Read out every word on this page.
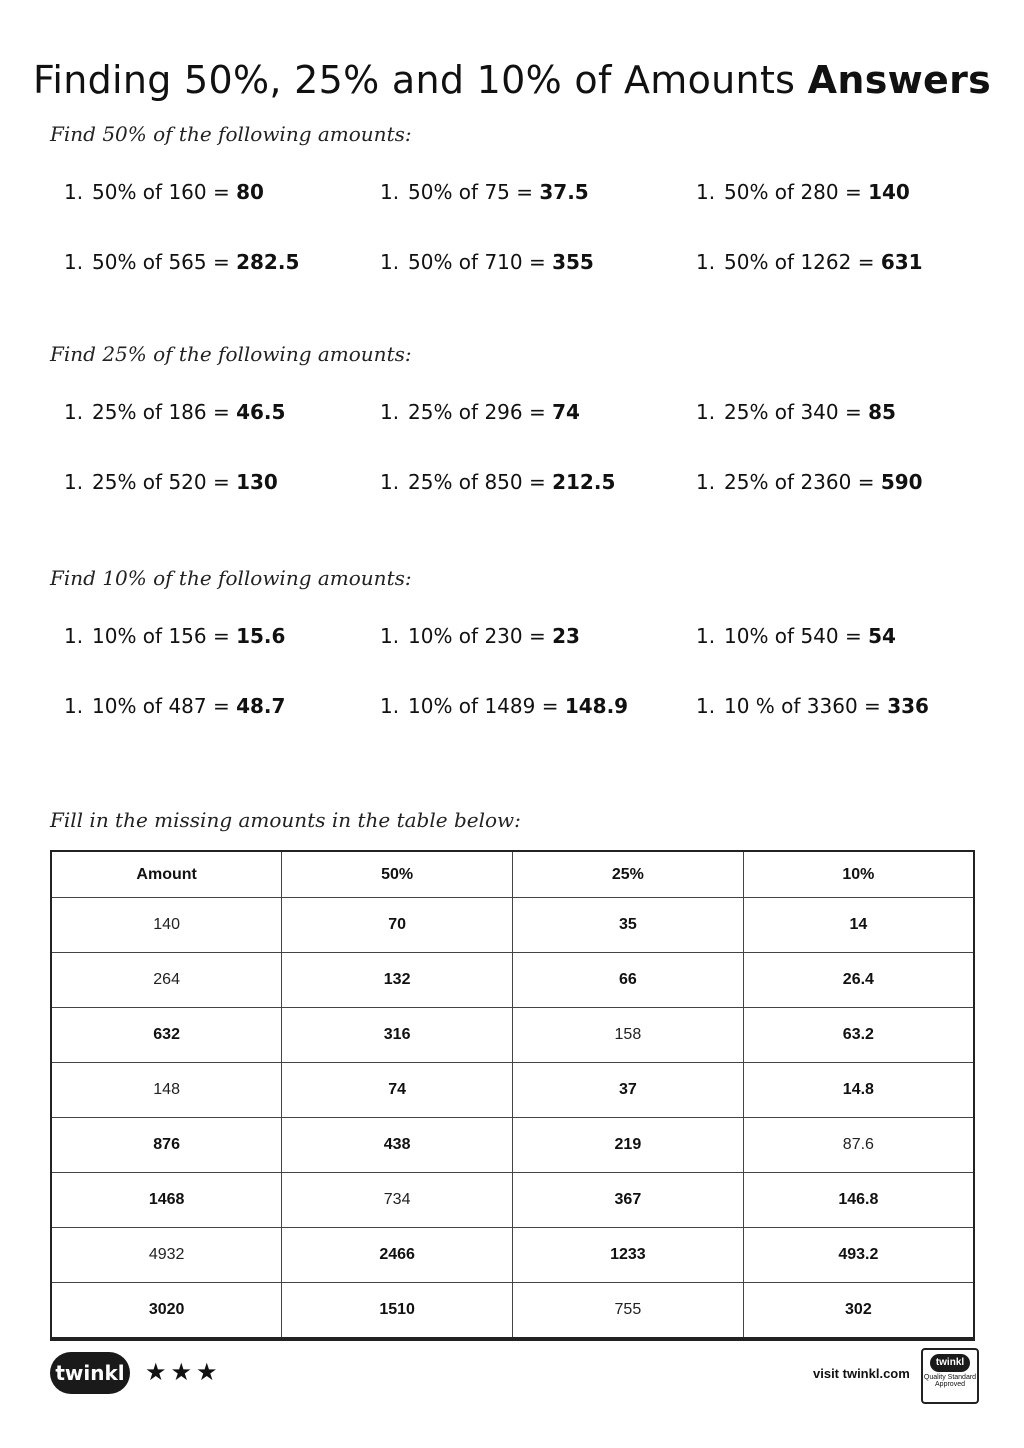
Finding 50%, 25% and 10% of Amounts Answers
Find 50% of the following amounts:
1. 50% of 160 = 80	1. 50% of 75 = 37.5	1. 50% of 280 = 140
1. 50% of 565 = 282.5	1. 50% of 710 = 355	1. 50% of 1262 = 631
Find 25% of the following amounts:
1. 25% of 186 = 46.5	1. 25% of 296 = 74	1. 25% of 340 = 85
1. 25% of 520 = 130	1. 25% of 850 = 212.5	1. 25% of 2360 = 590
Find 10% of the following amounts:
1. 10% of 156 = 15.6	1. 10% of 230 = 23	1. 10% of 540 = 54
1. 10% of 487 = 48.7	1. 10% of 1489 = 148.9	1. 10 % of 3360 = 336
Fill in the missing amounts in the table below:
Amount	50%	25%	10%
140	70	35	14
264	132	66	26.4
632	316	158	63.2
148	74	37	14.8
876	438	219	87.6
1468	734	367	146.8
4932	2466	1233	493.2
3020	1510	755	302
twinkl ★★★	visit twinkl.com
twinkl
Quality Standard Approved
